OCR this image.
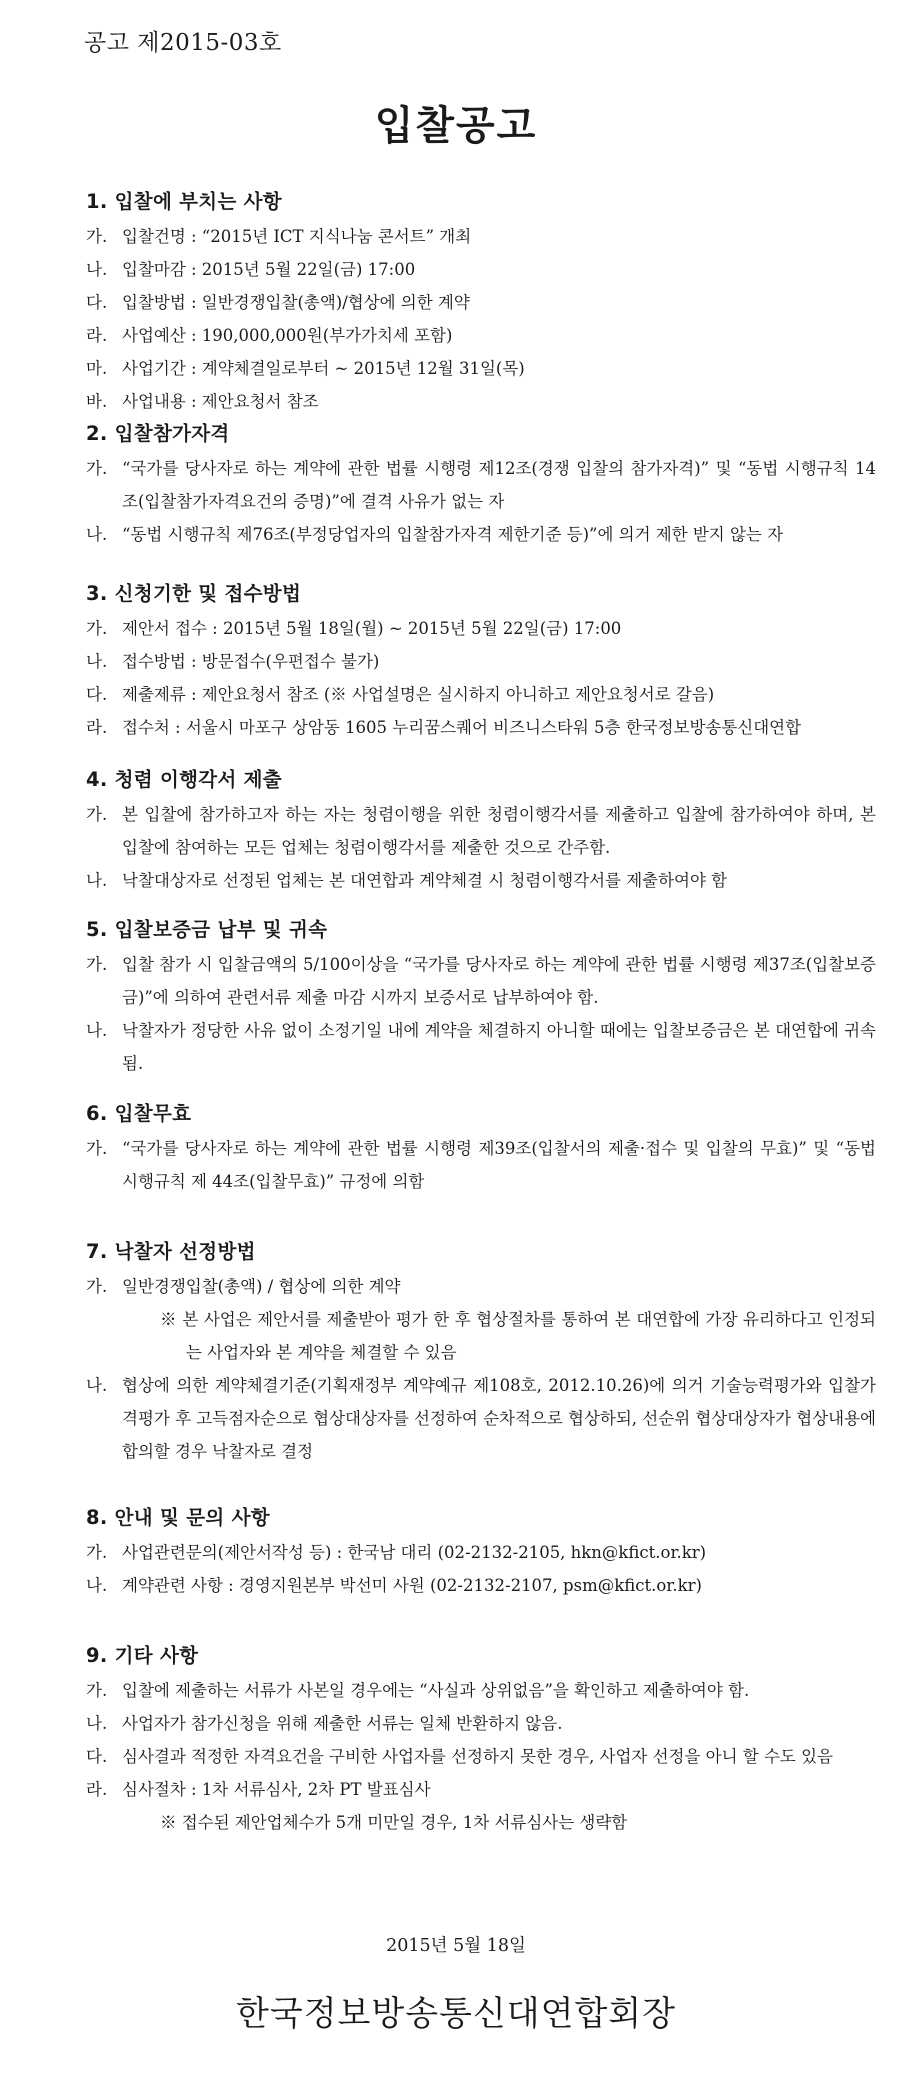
공고 제2015-03호
입찰공고
1. 입찰에 부치는 사항
가. 입찰건명 : “2015년 ICT 지식나눔 콘서트” 개최
나. 입찰마감 : 2015년 5월 22일(금) 17:00
다. 입찰방법 : 일반경쟁입찰(총액)/협상에 의한 계약
라. 사업예산 : 190,000,000원(부가가치세 포함)
마. 사업기간 : 계약체결일로부터 ~ 2015년 12월 31일(목)
바. 사업내용 : 제안요청서 참조
2. 입찰참가자격
가. “국가를 당사자로 하는 계약에 관한 법률 시행령 제12조(경쟁 입찰의 참가자격)” 및 “동법 시행규칙 14조(입찰참가자격요건의 증명)”에 결격 사유가 없는 자
나. “동법 시행규칙 제76조(부정당업자의 입찰참가자격 제한기준 등)”에 의거 제한 받지 않는 자
3. 신청기한 및 접수방법
가. 제안서 접수 : 2015년 5월 18일(월) ~ 2015년 5월 22일(금) 17:00
나. 접수방법 : 방문접수(우편접수 불가)
다. 제출제류 : 제안요청서 참조 (※ 사업설명은 실시하지 아니하고 제안요청서로 갈음)
라. 접수처 : 서울시 마포구 상암동 1605 누리꿈스퀘어 비즈니스타워 5층 한국정보방송통신대연합
4. 청렴 이행각서 제출
가. 본 입찰에 참가하고자 하는 자는 청렴이행을 위한 청렴이행각서를 제출하고 입찰에 참가하여야 하며, 본 입찰에 참여하는 모든 업체는 청렴이행각서를 제출한 것으로 간주함.
나. 낙찰대상자로 선정된 업체는 본 대연합과 계약체결 시 청렴이행각서를 제출하여야 함
5. 입찰보증금 납부 및 귀속
가. 입찰 참가 시 입찰금액의 5/100이상을 “국가를 당사자로 하는 계약에 관한 법률 시행령 제37조(입찰보증금)”에 의하여 관련서류 제출 마감 시까지 보증서로 납부하여야 함.
나. 낙찰자가 정당한 사유 없이 소정기일 내에 계약을 체결하지 아니할 때에는 입찰보증금은 본 대연합에 귀속됨.
6. 입찰무효
가. “국가를 당사자로 하는 계약에 관한 법률 시행령 제39조(입찰서의 제출·접수 및 입찰의 무효)” 및 “동법 시행규칙 제 44조(입찰무효)” 규정에 의함
7. 낙찰자 선정방법
가. 일반경쟁입찰(총액) / 협상에 의한 계약
※ 본 사업은 제안서를 제출받아 평가 한 후 협상절차를 통하여 본 대연합에 가장 유리하다고 인정되는 사업자와 본 계약을 체결할 수 있음
나. 협상에 의한 계약체결기준(기획재정부 계약예규 제108호, 2012.10.26)에 의거 기술능력평가와 입찰가격평가 후 고득점자순으로 협상대상자를 선정하여 순차적으로 협상하되, 선순위 협상대상자가 협상내용에 합의할 경우 낙찰자로 결정
8. 안내 및 문의 사항
가. 사업관련문의(제안서작성 등) : 한국남 대리 (02-2132-2105, hkn@kfict.or.kr)
나. 계약관련 사항 : 경영지원본부 박선미 사원 (02-2132-2107, psm@kfict.or.kr)
9. 기타 사항
가. 입찰에 제출하는 서류가 사본일 경우에는 “사실과 상위없음”을 확인하고 제출하여야 함.
나. 사업자가 참가신청을 위해 제출한 서류는 일체 반환하지 않음.
다. 심사결과 적정한 자격요건을 구비한 사업자를 선정하지 못한 경우, 사업자 선정을 아니 할 수도 있음
라. 심사절차 : 1차 서류심사, 2차 PT 발표심사
※ 접수된 제안업체수가 5개 미만일 경우, 1차 서류심사는 생략함
2015년 5월 18일
한국정보방송통신대연합회장
